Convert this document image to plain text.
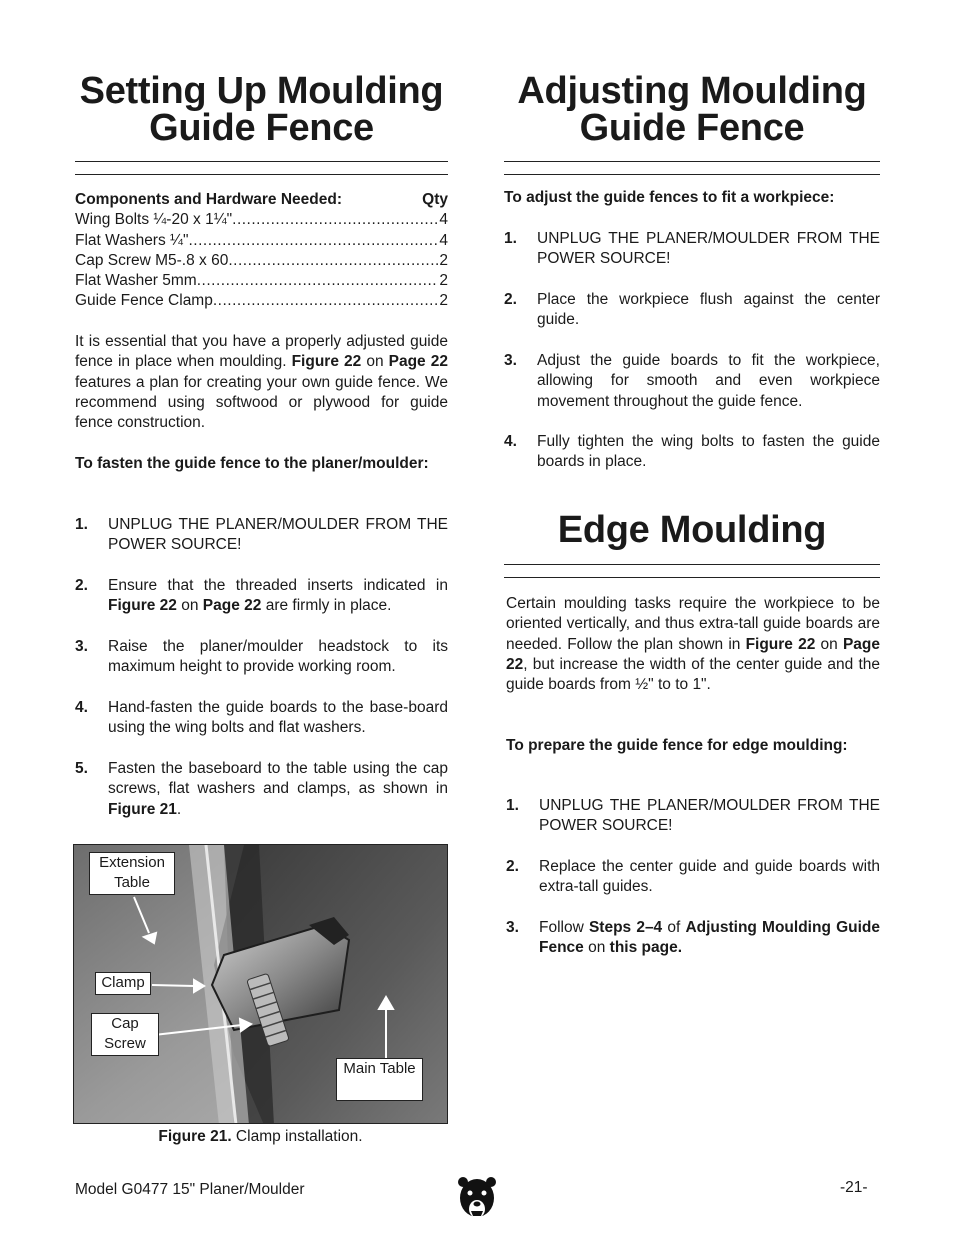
Setting Up Moulding
Guide Fence
Components and Hardware Needed:	Qty
Wing Bolts ¼-20 x 1¼" .....	4
Flat Washers ¼" .....	4
Cap Screw M5-.8 x 60 .....	2
Flat Washer 5mm .....	2
Guide Fence Clamp .....	2

It is essential that you have a properly adjusted guide fence in place when moulding. Figure 22 on Page 22 features a plan for creating your own guide fence. We recommend using softwood or plywood for guide fence construction.

To fasten the guide fence to the planer/moulder:

1.	UNPLUG THE PLANER/MOULDER FROM THE POWER SOURCE!
2.	Ensure that the threaded inserts indicated in Figure 22 on Page 22 are firmly in place.
3.	Raise the planer/moulder headstock to its maximum height to provide working room.
4.	Hand-fasten the guide boards to the base-board using the wing bolts and flat washers.
5.	Fasten the baseboard to the table using the cap screws, flat washers and clamps, as shown in Figure 21.
Extension Table
Clamp
Cap Screw
Main Table
Figure 21. Clamp installation.
Adjusting Moulding
Guide Fence

To adjust the guide fences to fit a workpiece:

1.	UNPLUG THE PLANER/MOULDER FROM THE POWER SOURCE!
2.	Place the workpiece flush against the center guide.
3.	Adjust the guide boards to fit the workpiece, allowing for smooth and even workpiece movement throughout the guide fence.
4.	Fully tighten the wing bolts to fasten the guide boards in place.
Edge Moulding

Certain moulding tasks require the workpiece to be oriented vertically, and thus extra-tall guide boards are needed. Follow the plan shown in Figure 22 on Page 22, but increase the width of the center guide and the guide boards from ½" to to 1".

To prepare the guide fence for edge moulding:

1.	UNPLUG THE PLANER/MOULDER FROM THE POWER SOURCE!
2.	Replace the center guide and guide boards with extra-tall guides.
3.	Follow Steps 2–4 of Adjusting Moulding Guide Fence on this page.
Model G0477 15" Planer/Moulder	-21-
